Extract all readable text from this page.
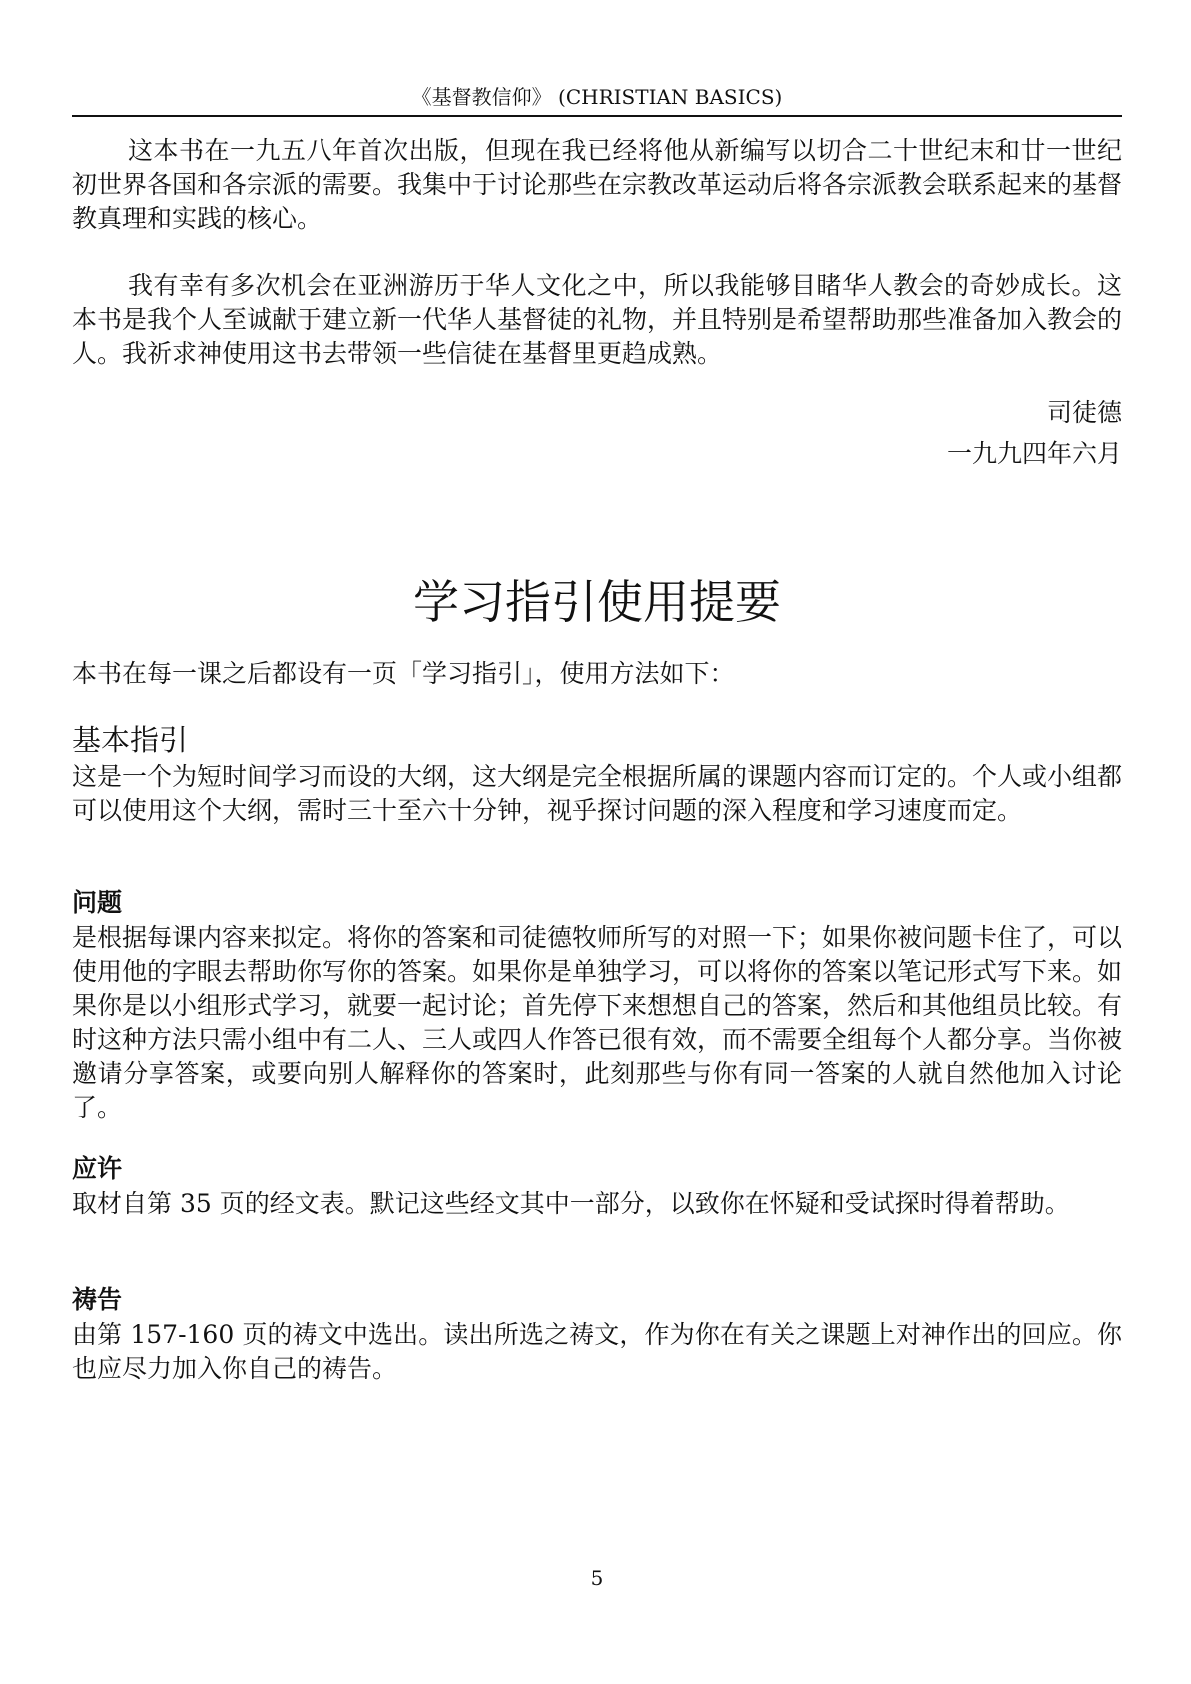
《基督教信仰》 (CHRISTIAN BASICS)

这本书在一九五八年首次出版，但现在我已经将他从新编写以切合二十世纪末和廿一世纪初世界各国和各宗派的需要。我集中于讨论那些在宗教改革运动后将各宗派教会联系起来的基督教真理和实践的核心。

我有幸有多次机会在亚洲游历于华人文化之中，所以我能够目睹华人教会的奇妙成长。这本书是我个人至诚献于建立新一代华人基督徒的礼物，并且特别是希望帮助那些准备加入教会的人。我祈求神使用这书去带领一些信徒在基督里更趋成熟。

司徒德
一九九四年六月
学习指引使用提要

本书在每一课之后都设有一页「学习指引」，使用方法如下：

基本指引

这是一个为短时间学习而设的大纲，这大纲是完全根据所属的课题内容而订定的。个人或小组都可以使用这个大纲，需时三十至六十分钟，视乎探讨问题的深入程度和学习速度而定。

问题

是根据每课内容来拟定。将你的答案和司徒德牧师所写的对照一下；如果你被问题卡住了，可以使用他的字眼去帮助你写你的答案。如果你是单独学习，可以将你的答案以笔记形式写下来。如果你是以小组形式学习，就要一起讨论；首先停下来想想自己的答案，然后和其他组员比较。有时这种方法只需小组中有二人、三人或四人作答已很有效，而不需要全组每个人都分享。当你被邀请分享答案，或要向别人解释你的答案时，此刻那些与你有同一答案的人就自然他加入讨论了。

应许

取材自第 35 页的经文表。默记这些经文其中一部分，以致你在怀疑和受试探时得着帮助。

祷告

由第 157-160 页的祷文中选出。读出所选之祷文，作为你在有关之课题上对神作出的回应。你也应尽力加入你自己的祷告。

5
